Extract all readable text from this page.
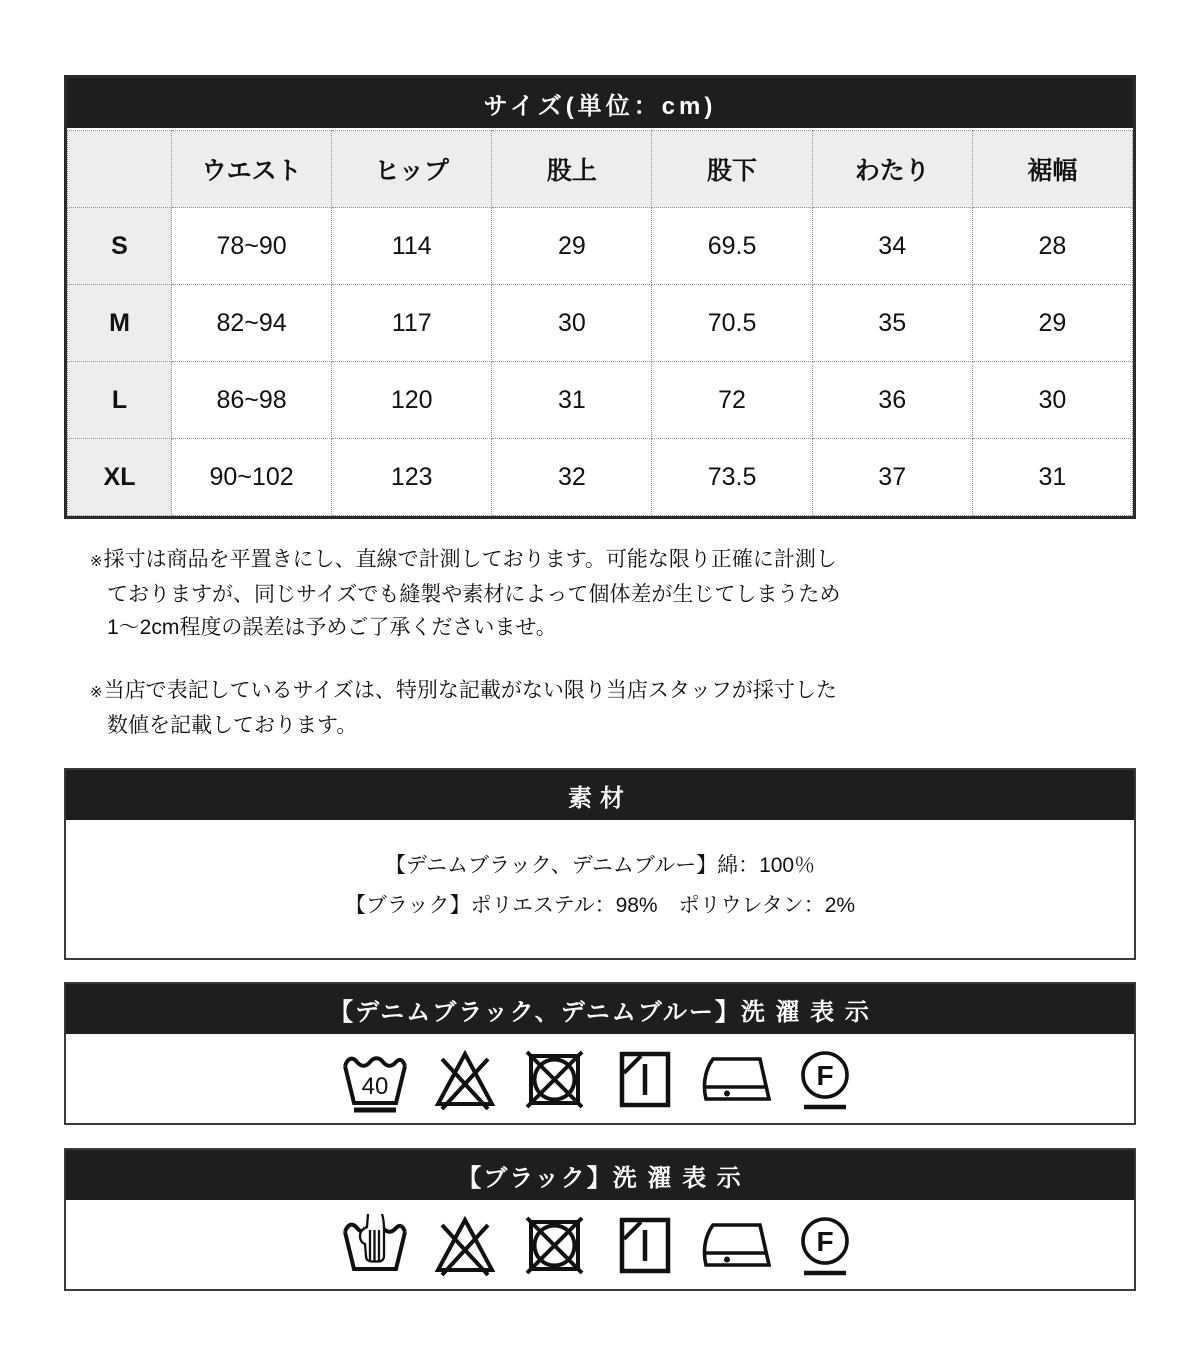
サイズ(単位：cm)
	ウエスト	ヒップ	股上	股下	わたり	裾幅
S	78~90	114	29	69.5	34	28
M	82~94	117	30	70.5	35	29
L	86~98	120	31	72	36	30
XL	90~102	123	32	73.5	37	31
※採寸は商品を平置きにし、直線で計測しております。可能な限り正確に計測し
ておりますが、同じサイズでも縫製や素材によって個体差が生じてしまうため
1〜2cm程度の誤差は予めご了承くださいませ。
※当店で表記しているサイズは、特別な記載がない限り当店スタッフが採寸した
数値を記載しております。
素材

【デニムブラック、デニムブルー】綿：100％

【ブラック】ポリエステル：98%　ポリウレタン：2%

【デニムブラック、デニムブルー】洗 濯 表 示
【ブラック】洗 濯 表 示
